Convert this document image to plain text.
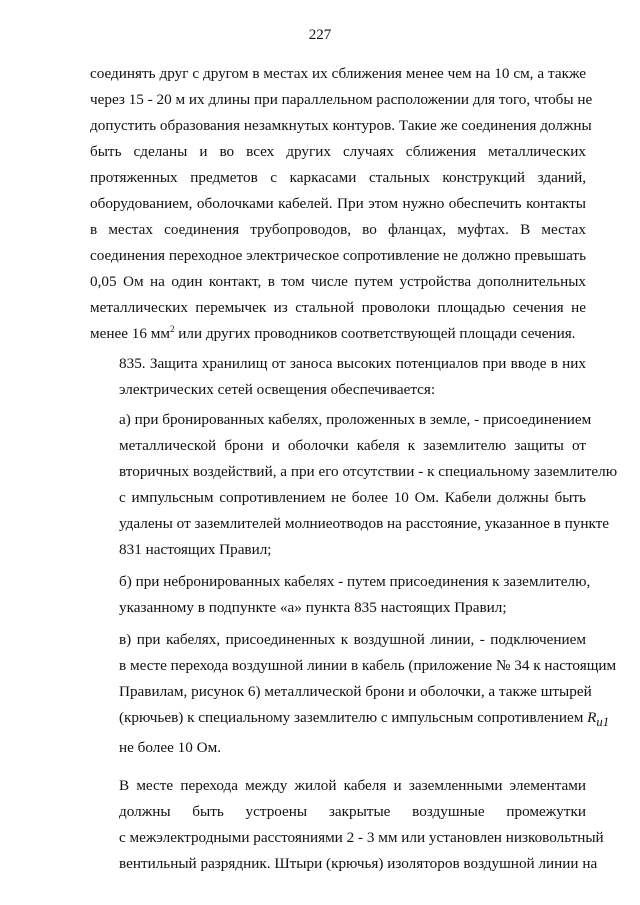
227

соединять друг с другом в местах их сближения менее чем на 10 см, а также
через 15 - 20 м их длины при параллельном расположении для того, чтобы не
допустить образования незамкнутых контуров. Такие же соединения должны
быть сделаны и во всех других случаях сближения металлических
протяженных предметов с каркасами стальных конструкций зданий,
оборудованием, оболочками кабелей. При этом нужно обеспечить контакты
в местах соединения трубопроводов, во фланцах, муфтах. В местах
соединения переходное электрическое сопротивление не должно превышать
0,05 Ом на один контакт, в том числе путем устройства дополнительных
металлических перемычек из стальной проволоки площадью сечения не
менее 16 $мм^2$ или других проводников соответствующей площади сечения.

835. Защита хранилищ от заноса высоких потенциалов при вводе в них
электрических сетей освещения обеспечивается:

а) при бронированных кабелях, проложенных в земле, - присоединением
металлической брони и оболочки кабеля к заземлителю защиты от
вторичных воздействий, а при его отсутствии - к специальному заземлителю
с импульсным сопротивлением не более 10 Ом. Кабели должны быть
удалены от заземлителей молниеотводов на расстояние, указанное в пункте
831 настоящих Правил;

б) при небронированных кабелях - путем присоединения к заземлителю,
указанному в подпункте «а» пункта 835 настоящих Правил;

в) при кабелях, присоединенных к воздушной линии, - подключением
в месте перехода воздушной линии в кабель (приложение № 34 к настоящим
Правилам, рисунок 6) металлической брони и оболочки, а также штырей
(крючьев) к специальному заземлителю с импульсным сопротивлением $R_{и1}$
не более 10 Ом.

В месте перехода между жилой кабеля и заземленными элементами
должны быть устроены закрытые воздушные промежутки
с межэлектродными расстояниями 2 - 3 мм или установлен низковольтный
вентильный разрядник. Штыри (крючья) изоляторов воздушной линии на
